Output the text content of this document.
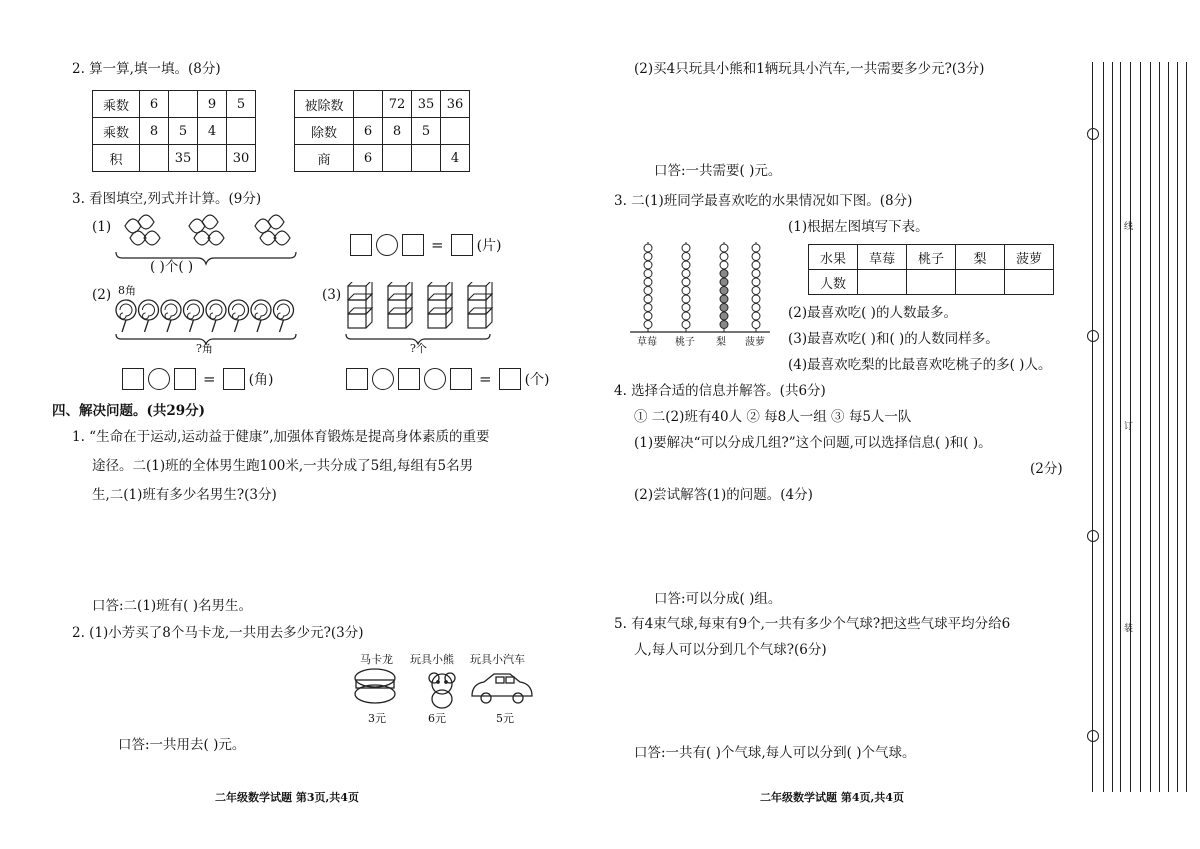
2. 算一算,填一填。(8分)
乘数	6		9	5
乘数	8	5	4	
积		35		30
被除数		72	35	36
除数	6	8	5	
商	6			4
3. 看图填空,列式并计算。(9分)
(1)
( )个( )
= (片)
(2) 8角
?角
= (角)
(3)
?个
= (个)
四、解决问题。(共29分)
1. “生命在于运动,运动益于健康”,加强体育锻炼是提高身体素质的重要
途径。二(1)班的全体男生跑100米,一共分成了5组,每组有5名男
生,二(1)班有多少名男生?(3分)
口答:二(1)班有( )名男生。
2. (1)小芳买了8个马卡龙,一共用去多少元?(3分)
马卡龙 玩具小熊 玩具小汽车
3元	6元	5元
口答:一共用去( )元。
二年级数学试题 第3页,共4页
(2)买4只玩具小熊和1辆玩具小汽车,一共需要多少元?(3分)
口答:一共需要( )元。
3. 二(1)班同学最喜欢吃的水果情况如下图。(8分)
草莓 桃子 梨 菠萝
(1)根据左图填写下表。
水果	草莓	桃子	梨	菠萝
人数				
(2)最喜欢吃( )的人数最多。
(3)最喜欢吃( )和( )的人数同样多。
(4)最喜欢吃梨的比最喜欢吃桃子的多( )人。
4. 选择合适的信息并解答。(共6分)
① 二(2)班有40人 ② 每8人一组 ③ 每5人一队
(1)要解决“可以分成几组?”这个问题,可以选择信息( )和( )。
(2分)
(2)尝试解答(1)的问题。(4分)
口答:可以分成( )组。
5. 有4束气球,每束有9个,一共有多少个气球?把这些气球平均分给6
人,每人可以分到几个气球?(6分)
口答:一共有( )个气球,每人可以分到( )个气球。
二年级数学试题 第4页,共4页
线
订
装
